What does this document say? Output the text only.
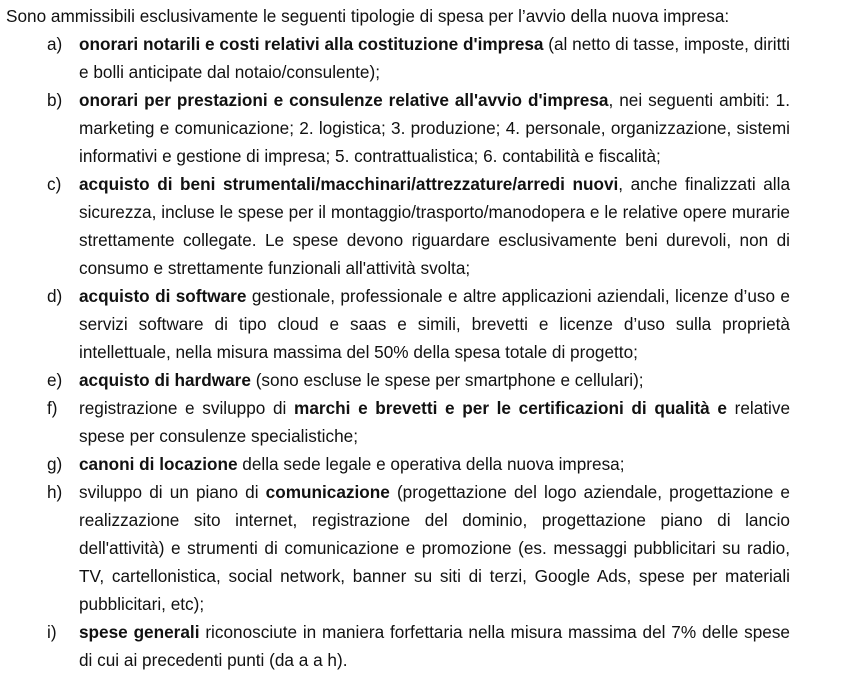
Sono ammissibili esclusivamente le seguenti tipologie di spesa per l’avvio della nuova impresa:
a) onorari notarili e costi relativi alla costituzione d'impresa (al netto di tasse, imposte, diritti e bolli anticipate dal notaio/consulente);
b) onorari per prestazioni e consulenze relative all'avvio d'impresa, nei seguenti ambiti: 1. marketing e comunicazione; 2. logistica; 3. produzione; 4. personale, organizzazione, sistemi informativi e gestione di impresa; 5. contrattualistica; 6. contabilità e fiscalità;
c) acquisto di beni strumentali/macchinari/attrezzature/arredi nuovi, anche finalizzati alla sicurezza, incluse le spese per il montaggio/trasporto/manodopera e le relative opere murarie strettamente collegate. Le spese devono riguardare esclusivamente beni durevoli, non di consumo e strettamente funzionali all'attività svolta;
d) acquisto di software gestionale, professionale e altre applicazioni aziendali, licenze d’uso e servizi software di tipo cloud e saas e simili, brevetti e licenze d’uso sulla proprietà intellettuale, nella misura massima del 50% della spesa totale di progetto;
e) acquisto di hardware (sono escluse le spese per smartphone e cellulari);
f) registrazione e sviluppo di marchi e brevetti e per le certificazioni di qualità e relative spese per consulenze specialistiche;
g) canoni di locazione della sede legale e operativa della nuova impresa;
h) sviluppo di un piano di comunicazione (progettazione del logo aziendale, progettazione e realizzazione sito internet, registrazione del dominio, progettazione piano di lancio dell'attività) e strumenti di comunicazione e promozione (es. messaggi pubblicitari su radio, TV, cartellonistica, social network, banner su siti di terzi, Google Ads, spese per materiali pubblicitari, etc);
i) spese generali riconosciute in maniera forfettaria nella misura massima del 7% delle spese di cui ai precedenti punti (da a a h).
